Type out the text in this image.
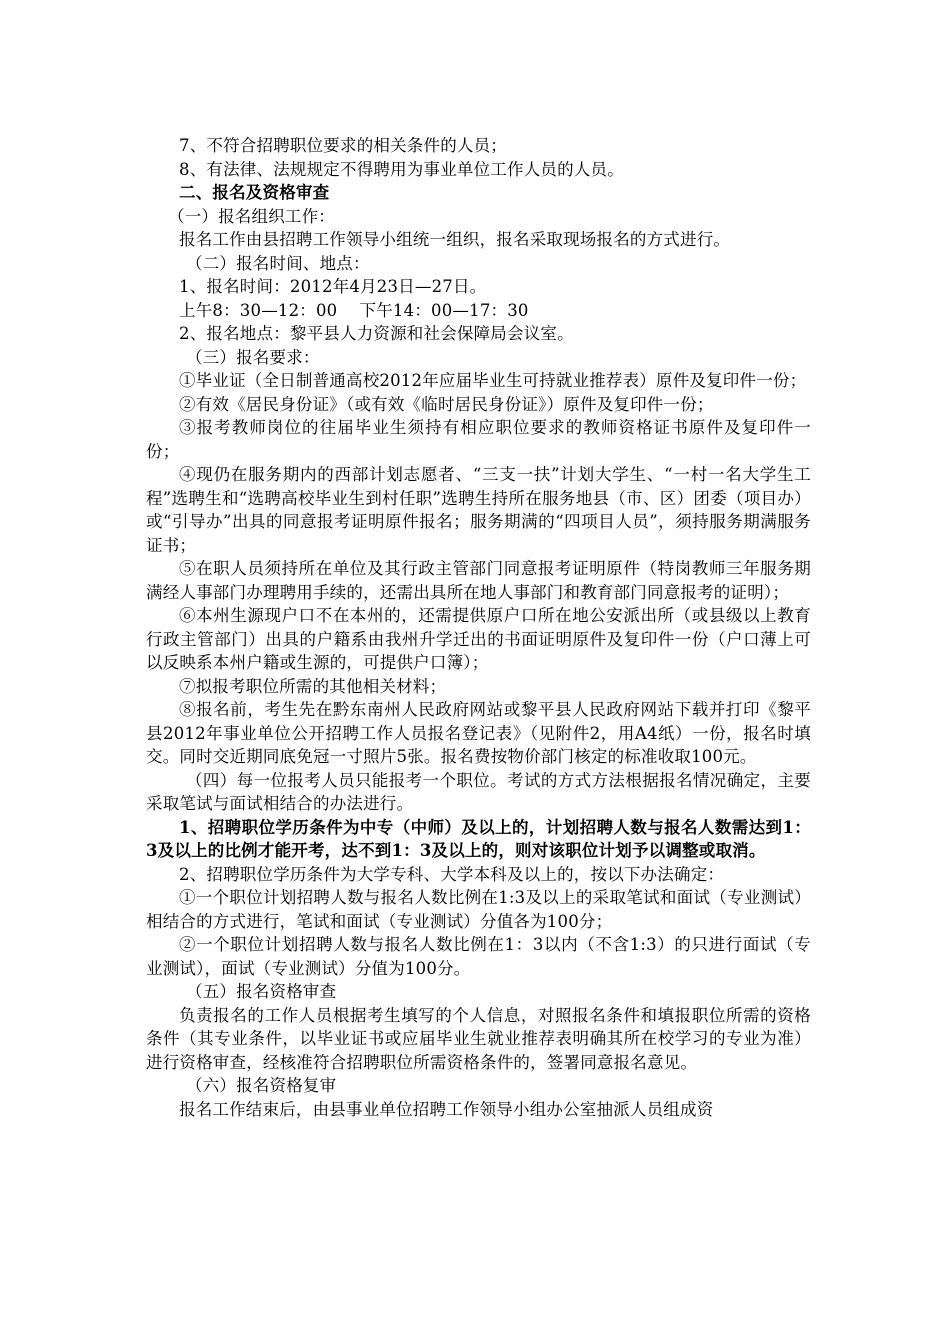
7、不符合招聘职位要求的相关条件的人员；

8、有法律、法规规定不得聘用为事业单位工作人员的人员。

二、报名及资格审查

（一）报名组织工作：

报名工作由县招聘工作领导小组统一组织，报名采取现场报名的方式进行。

（二）报名时间、地点：

1、报名时间：2012年4月23日—27日。

上午8：30—12：00　 下午14：00—17：30

2、报名地点：黎平县人力资源和社会保障局会议室。

（三）报名要求：

①毕业证（全日制普通高校2012年应届毕业生可持就业推荐表）原件及复印件一份；

②有效《居民身份证》（或有效《临时居民身份证》）原件及复印件一份；

③报考教师岗位的往届毕业生须持有相应职位要求的教师资格证书原件及复印件一份；

④现仍在服务期内的西部计划志愿者、“三支一扶”计划大学生、“一村一名大学生工程”选聘生和“选聘高校毕业生到村任职”选聘生持所在服务地县（市、区）团委（项目办）或“引导办”出具的同意报考证明原件报名；服务期满的“四项目人员”，须持服务期满服务证书；

⑤在职人员须持所在单位及其行政主管部门同意报考证明原件（特岗教师三年服务期满经人事部门办理聘用手续的，还需出具所在地人事部门和教育部门同意报考的证明）；

⑥本州生源现户口不在本州的，还需提供原户口所在地公安派出所（或县级以上教育行政主管部门）出具的户籍系由我州升学迁出的书面证明原件及复印件一份（户口薄上可以反映系本州户籍或生源的，可提供户口簿）；

⑦拟报考职位所需的其他相关材料；

⑧报名前，考生先在黔东南州人民政府网站或黎平县人民政府网站下载并打印《黎平县2012年事业单位公开招聘工作人员报名登记表》（见附件2，用A4纸）一份，报名时填交。同时交近期同底免冠一寸照片5张。报名费按物价部门核定的标准收取100元。

（四）每一位报考人员只能报考一个职位。考试的方式方法根据报名情况确定，主要采取笔试与面试相结合的办法进行。

1、招聘职位学历条件为中专（中师）及以上的，计划招聘人数与报名人数需达到1：3及以上的比例才能开考，达不到1：3及以上的，则对该职位计划予以调整或取消。

2、招聘职位学历条件为大学专科、大学本科及以上的，按以下办法确定：

①一个职位计划招聘人数与报名人数比例在1:3及以上的采取笔试和面试（专业测试）相结合的方式进行，笔试和面试（专业测试）分值各为100分；

②一个职位计划招聘人数与报名人数比例在1：3以内（不含1:3）的只进行面试（专业测试），面试（专业测试）分值为100分。

（五）报名资格审查

负责报名的工作人员根据考生填写的个人信息，对照报名条件和填报职位所需的资格条件（其专业条件，以毕业证书或应届毕业生就业推荐表明确其所在校学习的专业为准）进行资格审查，经核准符合招聘职位所需资格条件的，签署同意报名意见。

（六）报名资格复审

报名工作结束后，由县事业单位招聘工作领导小组办公室抽派人员组成资
